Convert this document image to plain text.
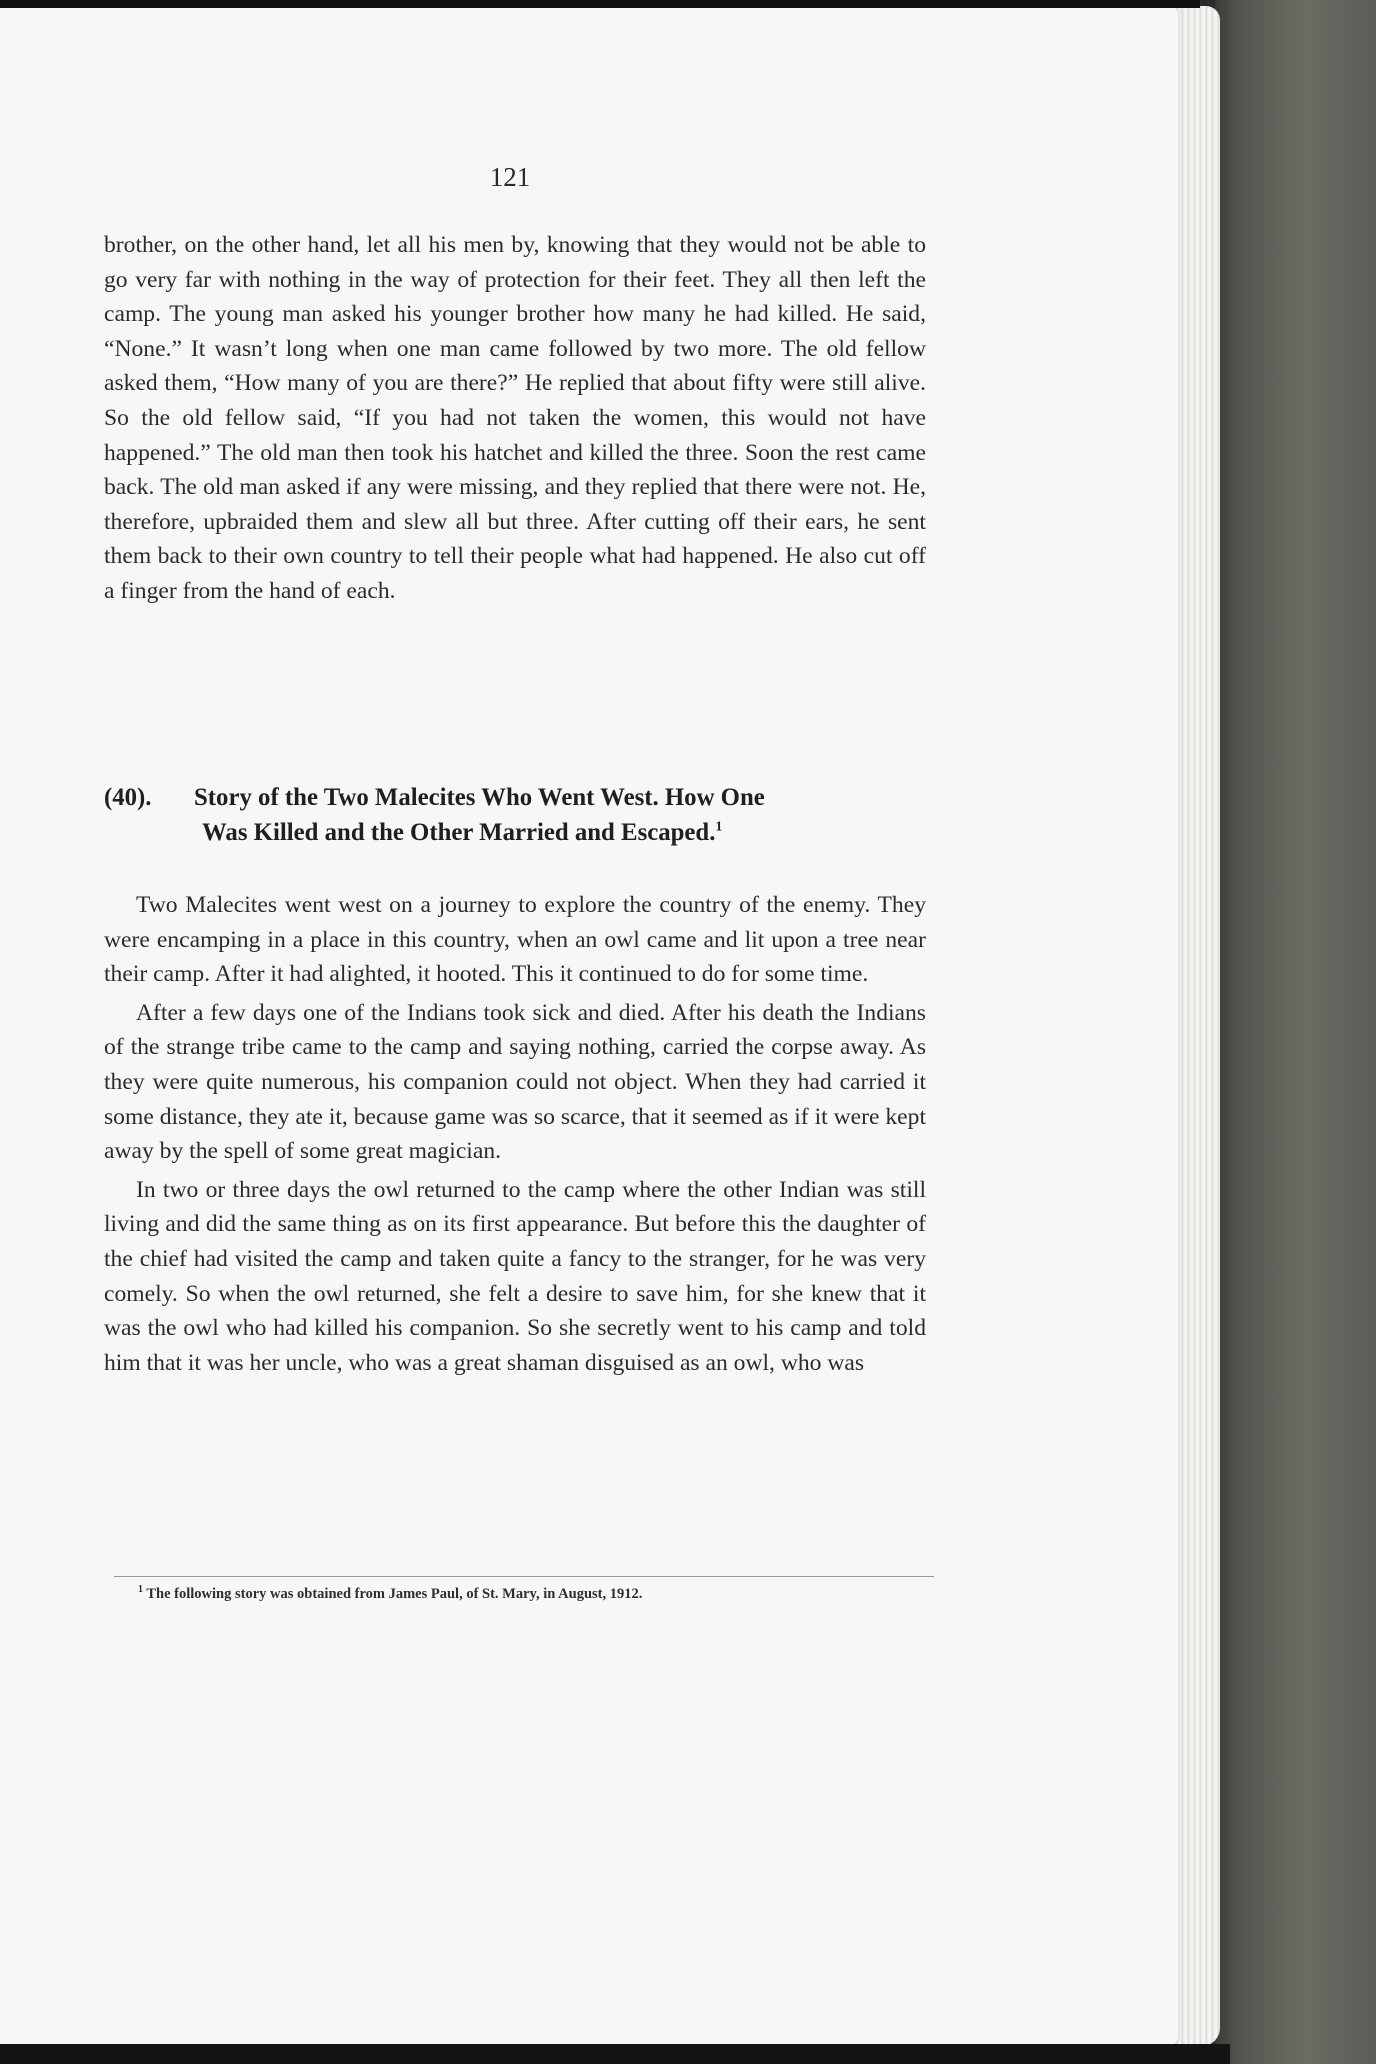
121

brother, on the other hand, let all his men by, knowing that they would not be able to go very far with nothing in the way of protection for their feet. They all then left the camp. The young man asked his younger brother how many he had killed. He said, “None.” It wasn’t long when one man came followed by two more. The old fellow asked them, “How many of you are there?” He replied that about fifty were still alive. So the old fellow said, “If you had not taken the women, this would not have happened.” The old man then took his hatchet and killed the three. Soon the rest came back. The old man asked if any were missing, and they replied that there were not. He, therefore, upbraided them and slew all but three. After cutting off their ears, he sent them back to their own country to tell their people what had happened. He also cut off a finger from the hand of each.

(40). Story of the Two Malecites Who Went West. How One
Was Killed and the Other Married and Escaped.$^1$

Two Malecites went west on a journey to explore the country of the enemy. They were encamping in a place in this country, when an owl came and lit upon a tree near their camp. After it had alighted, it hooted. This it continued to do for some time.

After a few days one of the Indians took sick and died. After his death the Indians of the strange tribe came to the camp and saying nothing, carried the corpse away. As they were quite numerous, his companion could not object. When they had carried it some distance, they ate it, because game was so scarce, that it seemed as if it were kept away by the spell of some great magician.

In two or three days the owl returned to the camp where the other Indian was still living and did the same thing as on its first appearance. But before this the daughter of the chief had visited the camp and taken quite a fancy to the stranger, for he was very comely. So when the owl returned, she felt a desire to save him, for she knew that it was the owl who had killed his companion. So she secretly went to his camp and told him that it was her uncle, who was a great shaman disguised as an owl, who was

$^1$ The following story was obtained from James Paul, of St. Mary, in August, 1912.
